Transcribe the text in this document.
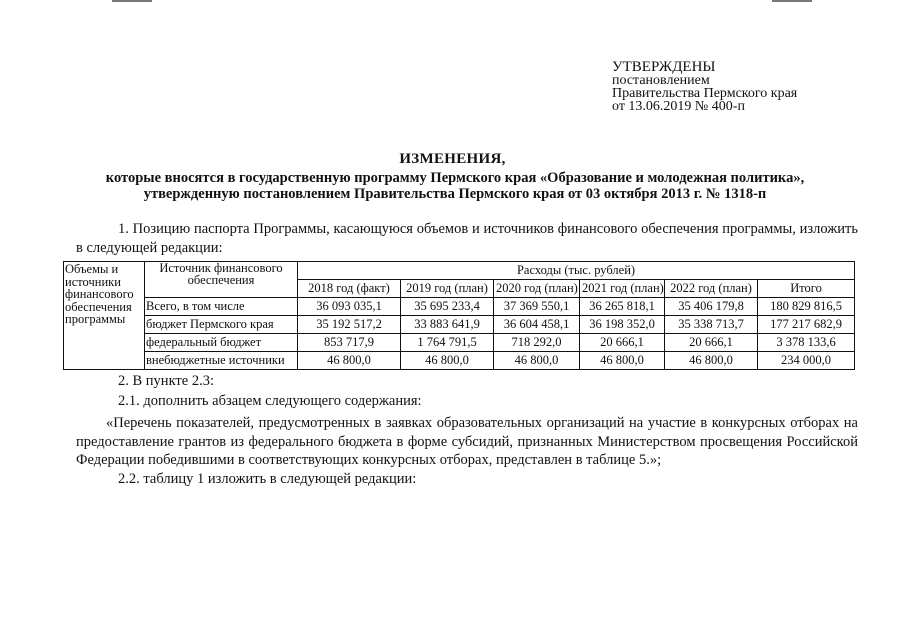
УТВЕРЖДЕНЫ
постановлением
Правительства Пермского края
от 13.06.2019 № 400-п
ИЗМЕНЕНИЯ,
которые вносятся в государственную программу Пермского края «Образование и молодежная политика»,
утвержденную постановлением Правительства Пермского края от 03 октября 2013 г. № 1318-п
1. Позицию паспорта Программы, касающуюся объемов и источников финансового обеспечения программы, изложить в следующей редакции:
Объемы и источники финансового обеспечения программы	Источник финансового обеспечения	Расходы (тыс. рублей)					
		2018 год (факт)	2019 год (план)	2020 год (план)	2021 год (план)	2022 год (план)	Итого
	Всего, в том числе	36 093 035,1	35 695 233,4	37 369 550,1	36 265 818,1	35 406 179,8	180 829 816,5
	бюджет Пермского края	35 192 517,2	33 883 641,9	36 604 458,1	36 198 352,0	35 338 713,7	177 217 682,9
	федеральный бюджет	853 717,9	1 764 791,5	718 292,0	20 666,1	20 666,1	3 378 133,6
	внебюджетные источники	46 800,0	46 800,0	46 800,0	46 800,0	46 800,0	234 000,0
2. В пункте 2.3:
2.1. дополнить абзацем следующего содержания:
«Перечень показателей, предусмотренных в заявках образовательных организаций на участие в конкурсных отборах на предоставление грантов из федерального бюджета в форме субсидий, признанных Министерством просвещения Российской Федерации победившими в соответствующих конкурсных отборах, представлен в таблице 5.»;
2.2. таблицу 1 изложить в следующей редакции:
